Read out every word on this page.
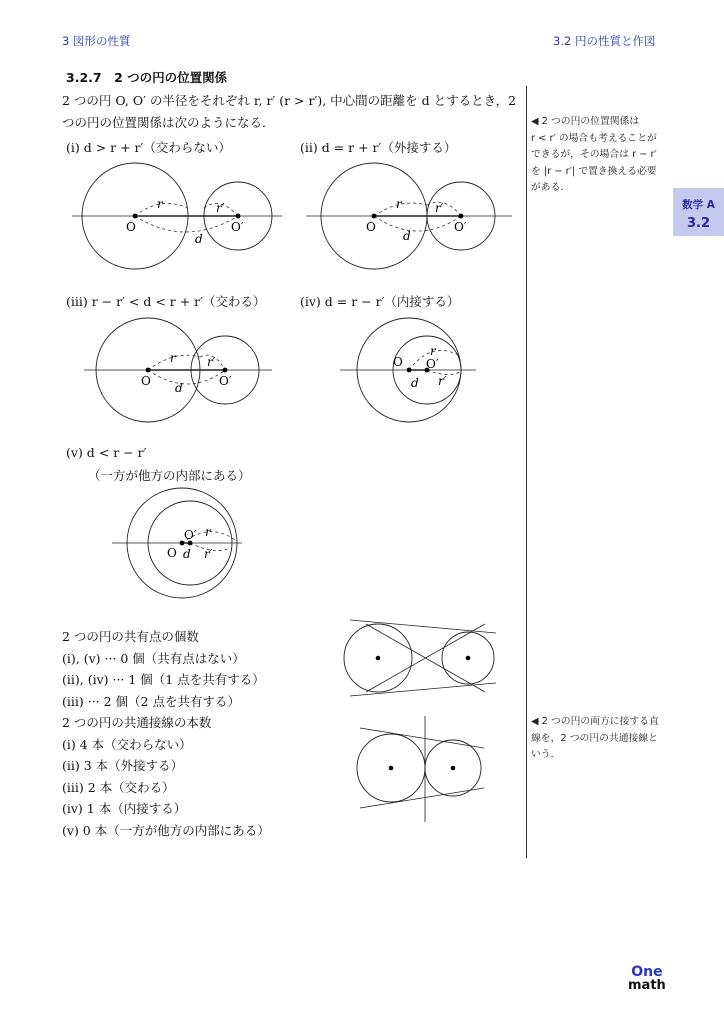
3 図形の性質	3.2 円の性質と作図
3.2.7　2 つの円の位置関係
2 つの円 O, O′ の半径をそれぞれ r, r′ (r > r′), 中心間の距離を d とするとき，2
つの円の位置関係は次のようになる．
(i) d > r + r′（交わらない）	(ii) d = r + r′（外接する）
(iii) r − r′ < d < r + r′（交わる）	(iv) d = r − r′（内接する）
(v) d < r − r′
（一方が他方の内部にある）
O	O′
r	r′
d
O	O′
r	r′
d
O	O′
r	r′
d
O O′
r
r′
d
O
O′ r
r′
d
2 つの円の共有点の個数
(i), (v) ··· 0 個（共有点はない）
(ii), (iv) ··· 1 個（1 点を共有する）
(iii) ··· 2 個（2 点を共有する）
2 つの円の共通接線の本数
(i) 4 本（交わらない）
(ii) 3 本（外接する）
(iii) 2 本（交わる）
(iv) 1 本（内接する）
(v) 0 本（一方が他方の内部にある）
◀ 2 つの円の位置関係は
r < r′ の場合も考えることが
できるが，その場合は r − r′
を |r − r′| で置き換える必要
がある．
◀ 2 つの円の両方に接する直
線を，2 つの円の共通接線と
いう．
数学 A
3.2
One
math
